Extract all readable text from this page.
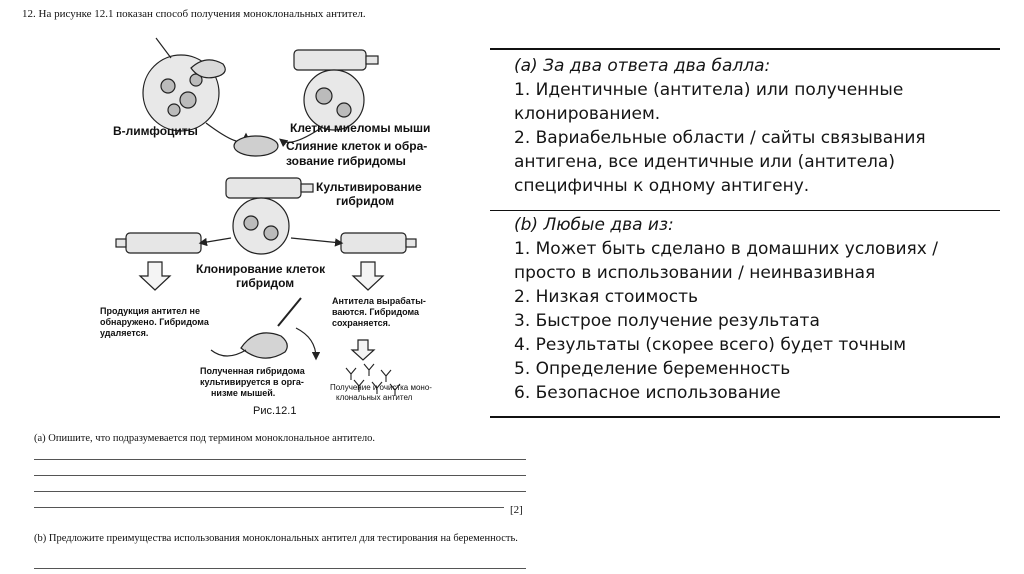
12. На рисунке 12.1 показан способ получения моноклональных антител.
В-лимфоциты	Клетки миеломы мыши
Слияние клеток и обра-
зование гибридомы
Культивирование
гибридом
Клонирование клеток
гибридом
Продукция антител не
обнаружено. Гибридома
удаляется.
Антитела вырабаты-
ваются. Гибридома
сохраняется.
Полученная гибридома
культивируется в орга-
низме мышей.
Получение и очистка моно-
клональных антител
Рис.12.1
(a) За два ответа два балла:
1. Идентичные (антитела) или полученные
клонированием.
2. Вариабельные области / сайты связывания
антигена, все идентичные или (антитела)
специфичны к одному антигену.
(b) Любые два из:
1. Может быть сделано в домашних условиях /
просто в использовании / неинвазивная
2. Низкая стоимость
3. Быстрое получение результата
4. Результаты (скорее всего) будет точным
5. Определение беременность
6. Безопасное использование
(a) Опишите, что подразумевается под термином моноклональное антитело.
[2]
(b) Предложите преимущества использования моноклональных антител для тестирования на беременность.
